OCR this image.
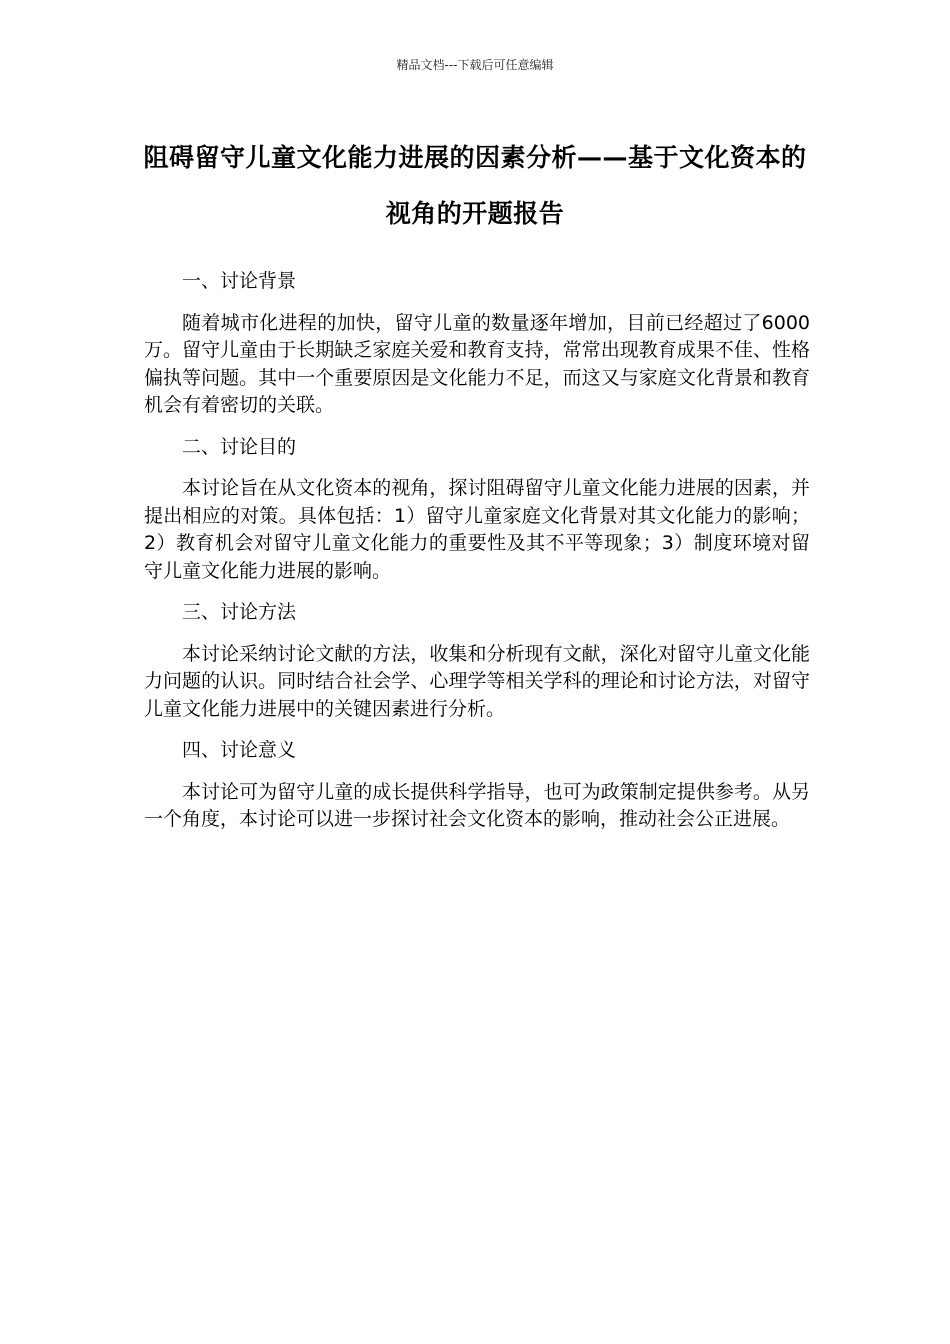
精品文档---下载后可任意编辑
阻碍留守儿童文化能力进展的因素分析——基于文化资本的视角的开题报告

一、讨论背景

随着城市化进程的加快，留守儿童的数量逐年增加，目前已经超过了6000万。留守儿童由于长期缺乏家庭关爱和教育支持，常常出现教育成果不佳、性格偏执等问题。其中一个重要原因是文化能力不足，而这又与家庭文化背景和教育机会有着密切的关联。

二、讨论目的

本讨论旨在从文化资本的视角，探讨阻碍留守儿童文化能力进展的因素，并提出相应的对策。具体包括：1）留守儿童家庭文化背景对其文化能力的影响；2）教育机会对留守儿童文化能力的重要性及其不平等现象；3）制度环境对留守儿童文化能力进展的影响。

三、讨论方法

本讨论采纳讨论文献的方法，收集和分析现有文献，深化对留守儿童文化能力问题的认识。同时结合社会学、心理学等相关学科的理论和讨论方法，对留守儿童文化能力进展中的关键因素进行分析。

四、讨论意义

本讨论可为留守儿童的成长提供科学指导，也可为政策制定提供参考。从另一个角度，本讨论可以进一步探讨社会文化资本的影响，推动社会公正进展。
